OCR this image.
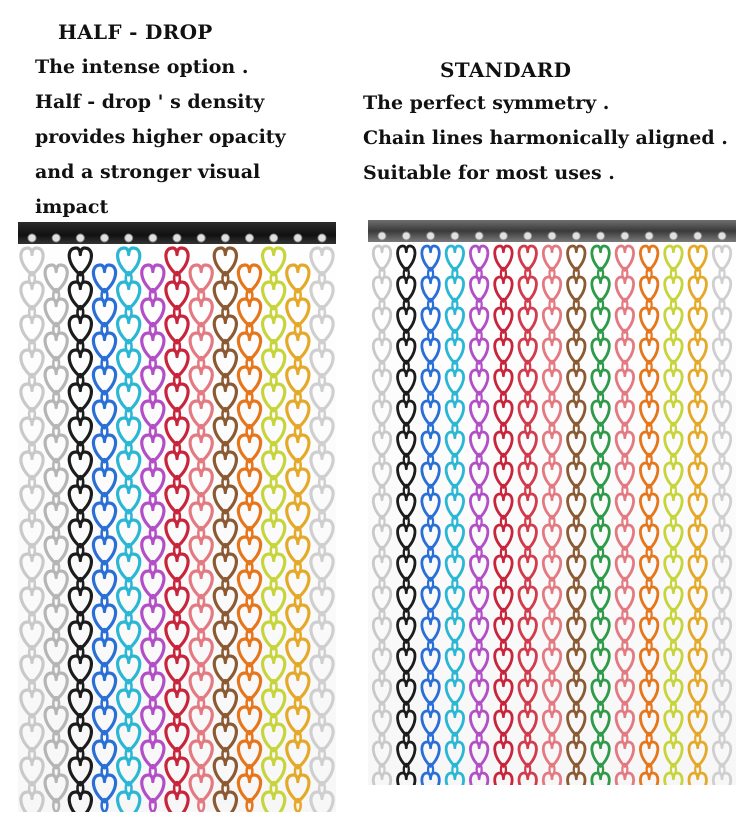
HALF - DROP

The intense option .

Half - drop ' s density

provides higher opacity

and a stronger visual

impact

STANDARD

The perfect symmetry .

Chain lines harmonically aligned .

Suitable for most uses .
